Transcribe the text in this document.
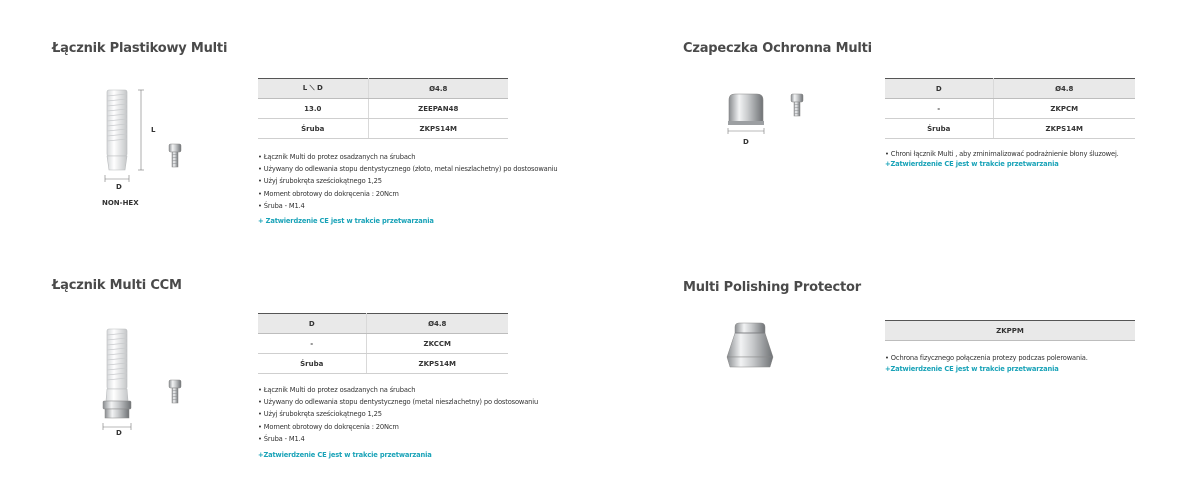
Łącznik Plastikowy Multi
L
D
NON-HEX
L ⟍ D	Ø4.8
13.0	ZEEPAN48
Śruba	ZKPS14M
• Łącznik Multi do protez osadzanych na śrubach
• Używany do odlewania stopu dentystycznego (złoto, metal nieszlachetny) po dostosowaniu
• Użyj śrubokręta sześciokątnego 1,25
• Moment obrotowy do dokręcenia : 20Ncm
• Śruba - M1.4
+ Zatwierdzenie CE jest w trakcie przetwarzania
Czapeczka Ochronna Multi
D
D	Ø4.8
-	ZKPCM
Śruba	ZKPS14M
• Chroni łącznik Multi , aby zminimalizować podrażnienie błony śluzowej.
+Zatwierdzenie CE jest w trakcie przetwarzania
Łącznik Multi CCM
D
D	Ø4.8
-	ZKCCM
Śruba	ZKPS14M
• Łącznik Multi do protez osadzanych na śrubach
• Używany do odlewania stopu dentystycznego (metal nieszlachetny) po dostosowaniu
• Użyj śrubokręta sześciokątnego 1,25
• Moment obrotowy do dokręcenia : 20Ncm
• Śruba - M1.4
+Zatwierdzenie CE jest w trakcie przetwarzania
Multi Polishing Protector
ZKPPM
• Ochrona fizycznego połączenia protezy podczas polerowania.
+Zatwierdzenie CE jest w trakcie przetwarzania
